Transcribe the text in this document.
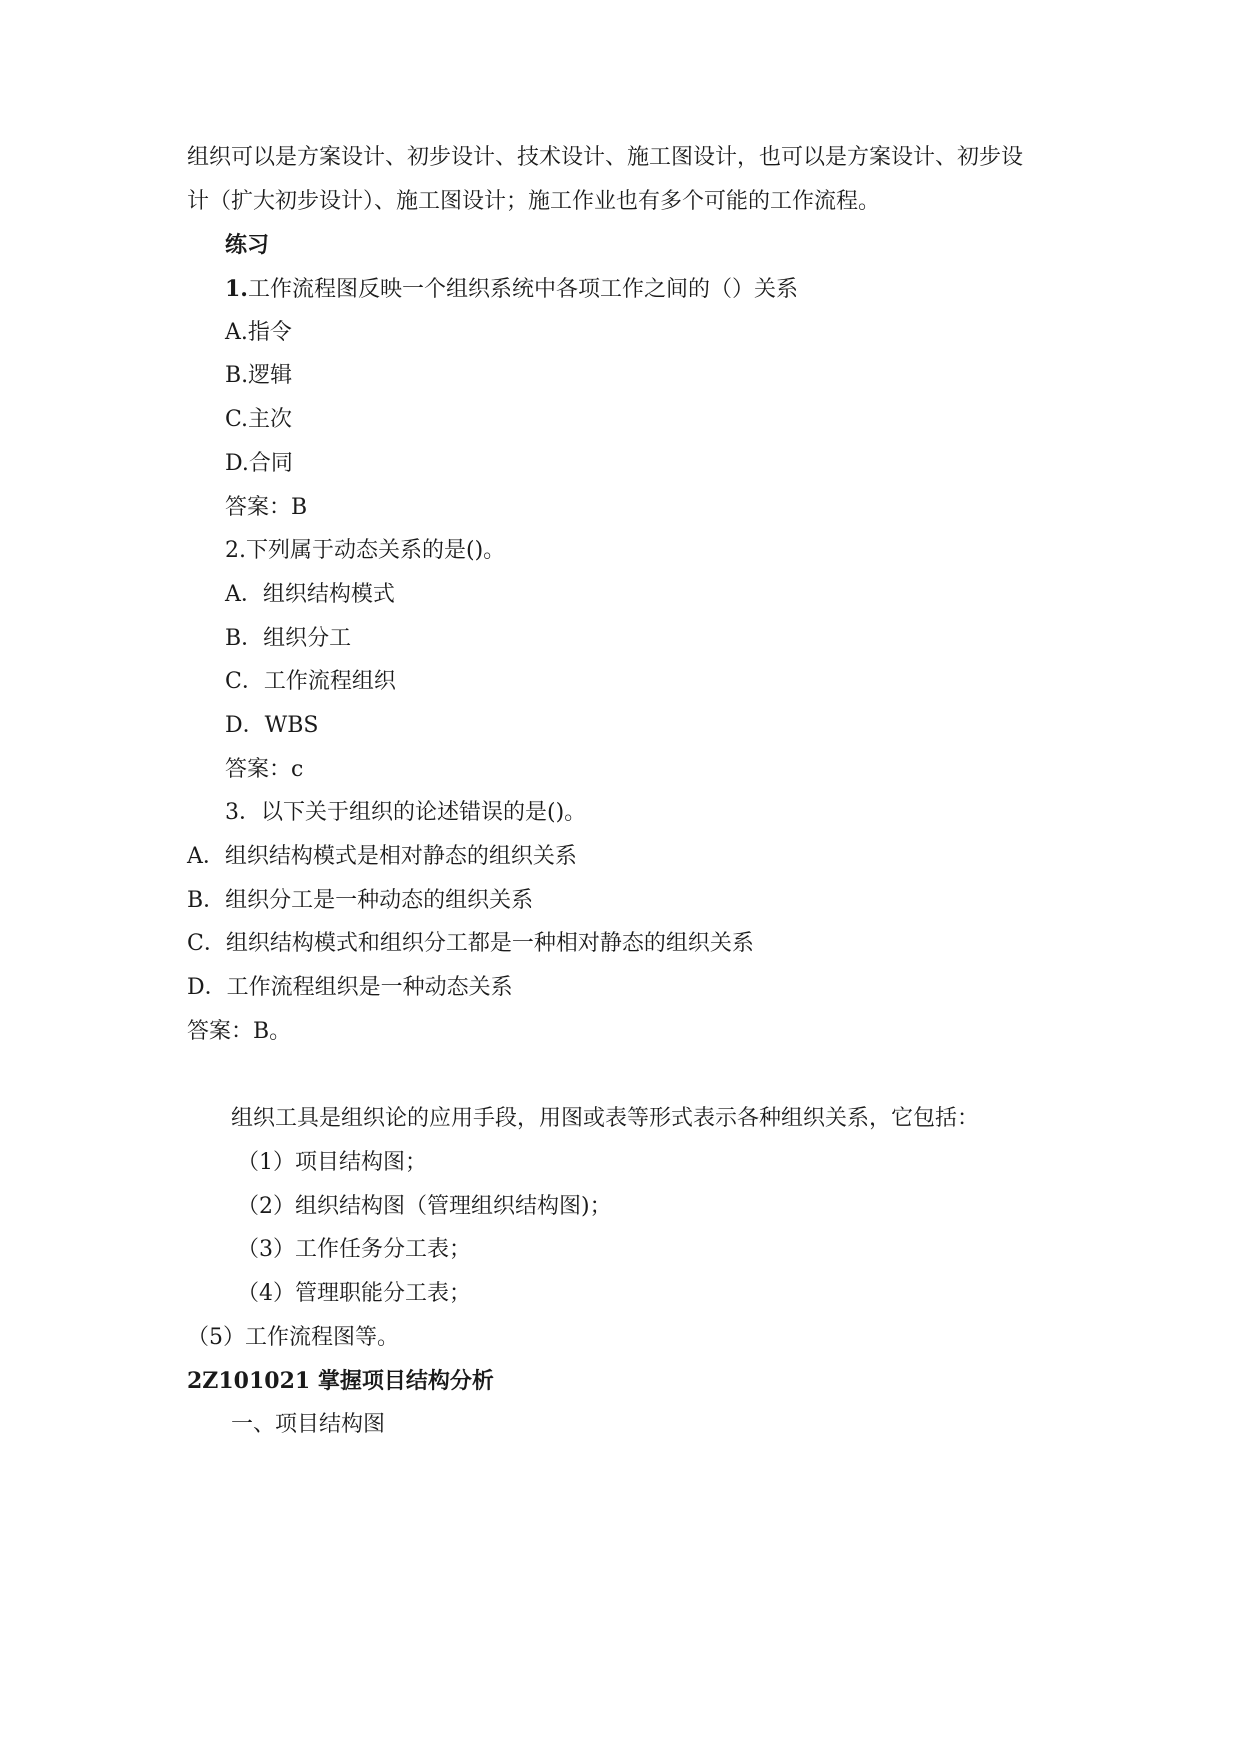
组织可以是方案设计、初步设计、技术设计、施工图设计，也可以是方案设计、初步设
计（扩大初步设计）、施工图设计；施工作业也有多个可能的工作流程。
练习
1.工作流程图反映一个组织系统中各项工作之间的（）关系
A.指令
B.逻辑
C.主次
D.合同
答案：B
2.下列属于动态关系的是()。
A．组织结构模式
B．组织分工
C．工作流程组织
D．WBS
答案：c
3．以下关于组织的论述错误的是()。
A．组织结构模式是相对静态的组织关系
B．组织分工是一种动态的组织关系
C．组织结构模式和组织分工都是一种相对静态的组织关系
D．工作流程组织是一种动态关系
答案：B。
组织工具是组织论的应用手段，用图或表等形式表示各种组织关系，它包括：
（1）项目结构图；
（2）组织结构图（管理组织结构图)；
（3）工作任务分工表；
（4）管理职能分工表；
（5）工作流程图等。
2Z101021 掌握项目结构分析
一、项目结构图
